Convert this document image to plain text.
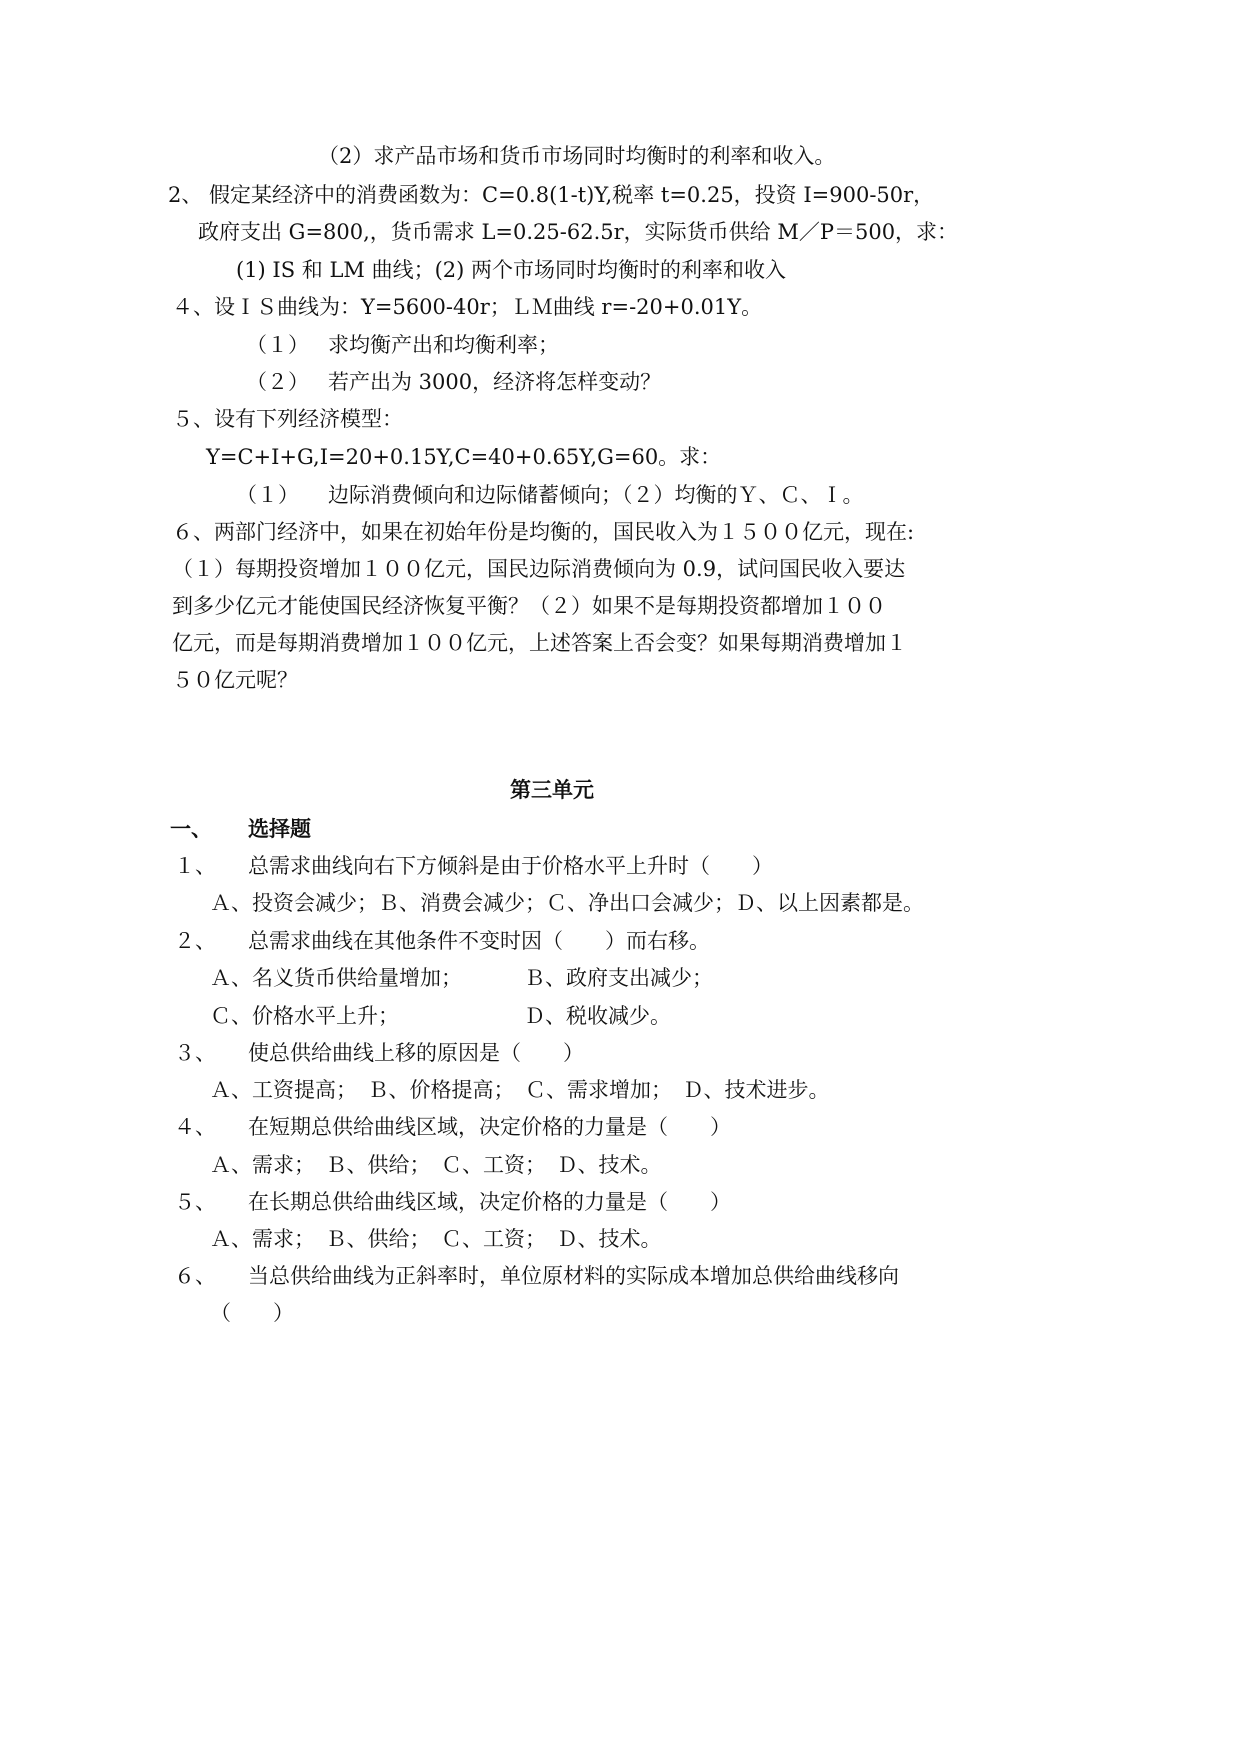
（2）求产品市场和货币市场同时均衡时的利率和收入。
2、 假定某经济中的消费函数为：C=0.8(1-t)Y,税率 t=0.25，投资 I=900-50r，
政府支出 G=800,，货币需求 L=0.25-62.5r，实际货币供给 M／P＝500，求：
(1) IS 和 LM 曲线；(2) 两个市场同时均衡时的利率和收入
４、设ＩＳ曲线为：Y=5600-40r；ＬＭ曲线 r=-20+0.01Y。
（１） 求均衡产出和均衡利率；
（２） 若产出为 3000，经济将怎样变动？
５、设有下列经济模型：
Y=C+I+G,I=20+0.15Y,C=40+0.65Y,G=60。求：
（１） 边际消费倾向和边际储蓄倾向；（２）均衡的Ｙ、Ｃ、Ｉ。
６、两部门经济中，如果在初始年份是均衡的，国民收入为１５００亿元，现在:
（１）每期投资增加１００亿元，国民边际消费倾向为 0.9，试问国民收入要达
到多少亿元才能使国民经济恢复平衡？（２）如果不是每期投资都增加１００
亿元，而是每期消费增加１００亿元，上述答案上否会变？如果每期消费增加１
５０亿元呢？
第三单元
一、 选择题
１、 总需求曲线向右下方倾斜是由于价格水平上升时（　　）
Ａ、投资会减少；Ｂ、消费会减少；Ｃ、净出口会减少；Ｄ、以上因素都是。
２、 总需求曲线在其他条件不变时因（　　）而右移。
Ａ、名义货币供给量增加；	Ｂ、政府支出减少；
Ｃ、价格水平上升；	Ｄ、税收减少。
３、 使总供给曲线上移的原因是（　　）
Ａ、工资提高；　Ｂ、价格提高；　Ｃ、需求增加；　Ｄ、技术进步。
４、 在短期总供给曲线区域，决定价格的力量是（　　）
Ａ、需求；　Ｂ、供给；　Ｃ、工资；　Ｄ、技术。
５、 在长期总供给曲线区域，决定价格的力量是（　　）
Ａ、需求；　Ｂ、供给；　Ｃ、工资；　Ｄ、技术。
６、 当总供给曲线为正斜率时，单位原材料的实际成本增加总供给曲线移向
（　　）
